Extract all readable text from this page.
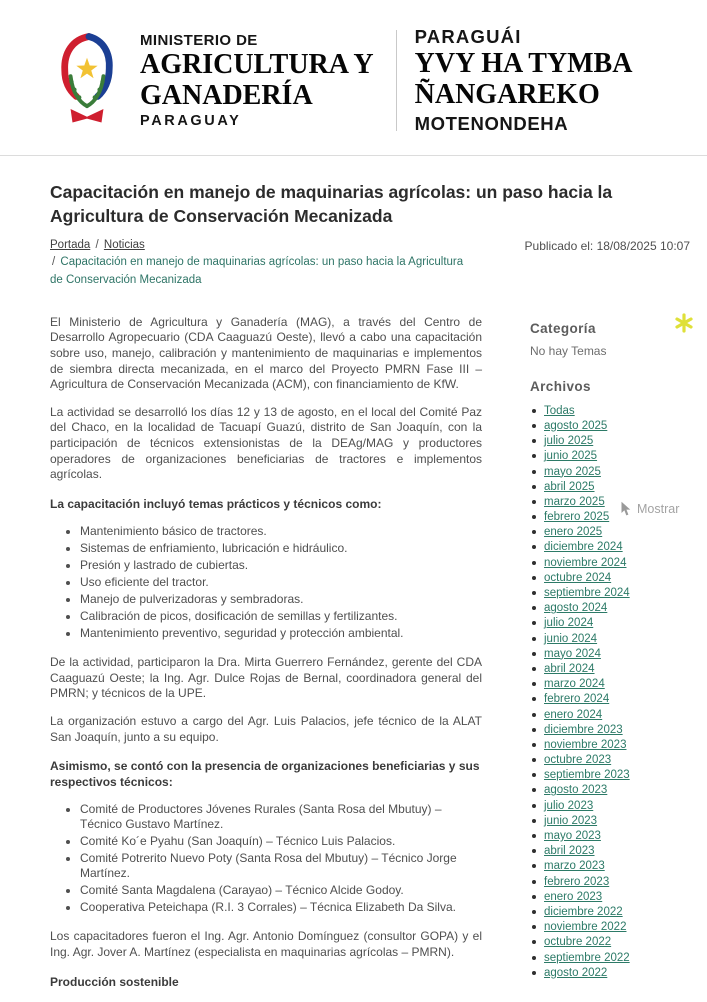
MINISTERIO DE
AGRICULTURA Y
GANADERÍA
PARAGUAY
PARAGUÁI
YVY HA TYMBA
ÑANGAREKO
MOTENONDEHA
Capacitación en manejo de maquinarias agrícolas: un paso hacia la Agricultura de Conservación Mecanizada
Portada / Noticias
/ Capacitación en manejo de maquinarias agrícolas: un paso hacia la Agricultura de Conservación Mecanizada
Publicado el: 18/08/2025 10:07

El Ministerio de Agricultura y Ganadería (MAG), a través del Centro de Desarrollo Agropecuario (CDA Caaguazú Oeste), llevó a cabo una capacitación sobre uso, manejo, calibración y mantenimiento de maquinarias e implementos de siembra directa mecanizada, en el marco del Proyecto PMRN Fase III – Agricultura de Conservación Mecanizada (ACM), con financiamiento de KfW.

La actividad se desarrolló los días 12 y 13 de agosto, en el local del Comité Paz del Chaco, en la localidad de Tacuapí Guazú, distrito de San Joaquín, con la participación de técnicos extensionistas de la DEAg/MAG y productores operadores de organizaciones beneficiarias de tractores e implementos agrícolas.

La capacitación incluyó temas prácticos y técnicos como:
• Mantenimiento básico de tractores.
• Sistemas de enfriamiento, lubricación e hidráulico.
• Presión y lastrado de cubiertas.
• Uso eficiente del tractor.
• Manejo de pulverizadoras y sembradoras.
• Calibración de picos, dosificación de semillas y fertilizantes.
• Mantenimiento preventivo, seguridad y protección ambiental.

De la actividad, participaron la Dra. Mirta Guerrero Fernández, gerente del CDA Caaguazú Oeste; la Ing. Agr. Dulce Rojas de Bernal, coordinadora general del PMRN; y técnicos de la UPE.

La organización estuvo a cargo del Agr. Luis Palacios, jefe técnico de la ALAT San Joaquín, junto a su equipo.

Asimismo, se contó con la presencia de organizaciones beneficiarias y sus respectivos técnicos:
• Comité de Productores Jóvenes Rurales (Santa Rosa del Mbutuy) – Técnico Gustavo Martínez.
• Comité Ko´e Pyahu (San Joaquín) – Técnico Luis Palacios.
• Comité Potrerito Nuevo Poty (Santa Rosa del Mbutuy) – Técnico Jorge Martínez.
• Comité Santa Magdalena (Carayao) – Técnico Alcide Godoy.
• Cooperativa Peteichapa (R.I. 3 Corrales) – Técnica Elizabeth Da Silva.

Los capacitadores fueron el Ing. Agr. Antonio Domínguez (consultor GOPA) y el Ing. Agr. Jover A. Martínez (especialista en maquinarias agrícolas – PMRN).

Producción sostenible
Categoría
No hay Temas
Archivos
Todas
agosto 2025
julio 2025
junio 2025
mayo 2025
abril 2025
marzo 2025
febrero 2025
enero 2025
diciembre 2024
noviembre 2024
octubre 2024
septiembre 2024
agosto 2024
julio 2024
junio 2024
mayo 2024
abril 2024
marzo 2024
febrero 2024
enero 2024
diciembre 2023
noviembre 2023
octubre 2023
septiembre 2023
agosto 2023
julio 2023
junio 2023
mayo 2023
abril 2023
marzo 2023
febrero 2023
enero 2023
diciembre 2022
noviembre 2022
octubre 2022
septiembre 2022
agosto 2022
Mostrar
